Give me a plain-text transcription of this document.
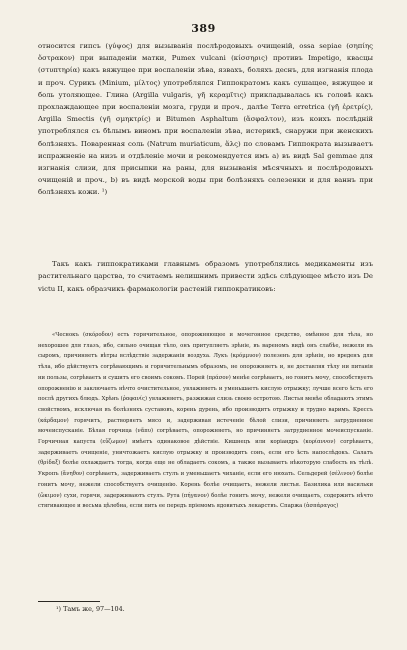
389

относится гипсъ (γύψος) для вызыванія послѣродовыхъ очищеній, ossa sepiae (σηπίης ὄστρακον) при выпаденіи матки, Pumex vulcani (κίσσηρις) противъ Impetigo, квасцы (στυπτηρία) какъ вяжущее при воспаленіи зѣва, язвахъ, боляхъ деснъ, для изгнанія плода и проч. Сурикъ (Minium, μίλτος) употреблялся Гиппократомъ какъ сушащее, вяжущее и боль утоляющее. Глина (Argilla vulgaris, γῆ κεραμῖτις) прикладывалась къ головѣ какъ прохлаждающее при воспаленіи мозга, груди и проч., далѣе Terra erretrica (γῆ ἐρετρίς), Argilla Smectis (γῆ σμηκτρίς) и Bitumen Asphaltum (ἄσφαλτον), изъ коихъ послѣдній употреблялся съ бѣлымъ виномъ при воспаленіи зѣва, истерикѣ, снаружи при женскихъ болѣзняхъ. Поваренная соль (Natrum muriaticum, ἅλς) по словамъ Гиппократа вызываетъ испражненіе на низъ и отдѣленіе мочи и рекомендуется имъ а) въ видѣ Sal gemmae для изгнанія слизи, для присыпки на раны, для вызыванія мѣсячныхъ и послѣродовыхъ очищеній и проч., b) въ видѣ морской воды при болѣзняхъ селезенки и для ваннъ при болѣзняхъ кожи. ¹)

Такъ какъ гиппократиками главнымъ образомъ употреблялись медикаменты изъ растительнаго царства, то считаемъ нелишнимъ привести здѣсь слѣдующее мѣсто изъ De victu II, какъ образчикъ фармакологіи растеній гиппократиковъ:

«Чеснокъ (σκόροδον) есть горячительное, опорожняющее и мочегонное средство, омѣнное для тѣла, но нехорошее для глазъ, ибо, сильно очищая тѣло, онъ притупляетъ зрѣніе, въ вареномъ видѣ онъ слабѣе, нежели въ сыромъ, причиняетъ вѣтры вслѣдствіе задержанія воздуха. Лукъ (κρόμμυον) полезенъ для зрѣнія, но вреденъ для тѣла, ибо дѣйствуетъ согрѣвающимъ и горячительнымъ образомъ, не опорожняетъ и, не доставляя тѣлу ни питанія ни пользы, согрѣваетъ и сушитъ его своимъ сокомъ. Порей (πράσον) менѣе согрѣваетъ, но гонитъ мочу, способствуетъ опорожненію и заключаетъ нѣчто очистительное, увлажняетъ и уменьшаетъ кислую отрыжку; лучше всего ѣсть его послѣ другихъ блюдъ. Хрѣнъ (ῥαφανίς) увлажняетъ, разжижая слизь своею остротою. Листья менѣе обладаютъ этимъ свойствомъ, исключая въ болѣзняхъ суставовъ, корень дурень, ибо производитъ отрыжку и трудно варимъ. Крессъ (κάρδαμον) горячитъ, растворяетъ мясо и, задерживая истеченіе бѣлой слизи, причиняетъ затрудненное мочеиспусканіе. Бѣлая горчица (νᾶπυ) согрѣваетъ, опорожняетъ, но причиняетъ затрудненное мочеиспусканіе. Горчичная капуста (εὔζωμον) имѣетъ одинаковое дѣйствіе. Кишнецъ или коріандръ (κορίαννον) согрѣваетъ, задерживаетъ очищеніе, уничтожаетъ кислую отрыжку и производитъ сонъ, если его ѣсть напослѣдокъ. Салатъ (θρίδαξ) болѣе охлаждаетъ тогда, когда еще не обладаетъ сокомъ, а также вызываетъ нѣкоторую слабость въ тѣлѣ. Укропъ (ἄνηθον) согрѣваетъ, задерживаетъ стулъ и уменьшаетъ чиханіе, если его нюхать. Сельдерей (σέλινον) болѣе гонитъ мочу, нежели способствуетъ очищенію. Корень болѣе очищаетъ, нежели листья. Базилика или васильки (ὤκιμον) сухи, горячи, задерживаютъ стулъ. Рута (πήγανον) болѣе гонитъ мочу, нежели очищаетъ, содержитъ нѣчто стягивающее и весьма цѣлебна, если пить ее передъ пріемомъ ядовитыхъ лекарствъ. Спаржа (ἀσπάραγος)

¹) Тамъ же, 97—104.
